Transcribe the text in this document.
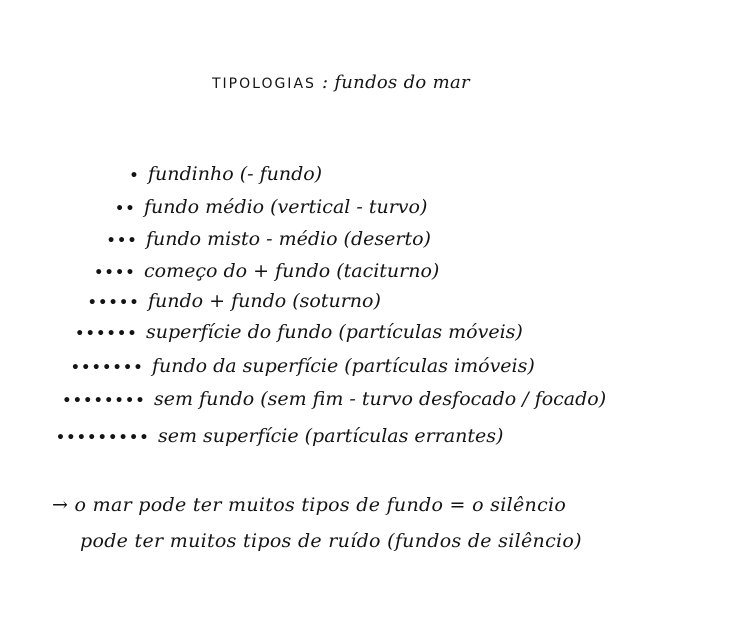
TIPOLOGIAS : fundos do mar
• fundinho (- fundo)
•• fundo médio (vertical - turvo)
••• fundo misto - médio (deserto)
•••• começo do + fundo (taciturno)
••••• fundo + fundo (soturno)
•••••• superfície do fundo (partículas móveis)
••••••• fundo da superfície (partículas imóveis)
•••••••• sem fundo (sem fim - turvo desfocado / focado)
••••••••• sem superfície (partículas errantes)
→ o mar pode ter muitos tipos de fundo = o silêncio
pode ter muitos tipos de ruído (fundos de silêncio)
